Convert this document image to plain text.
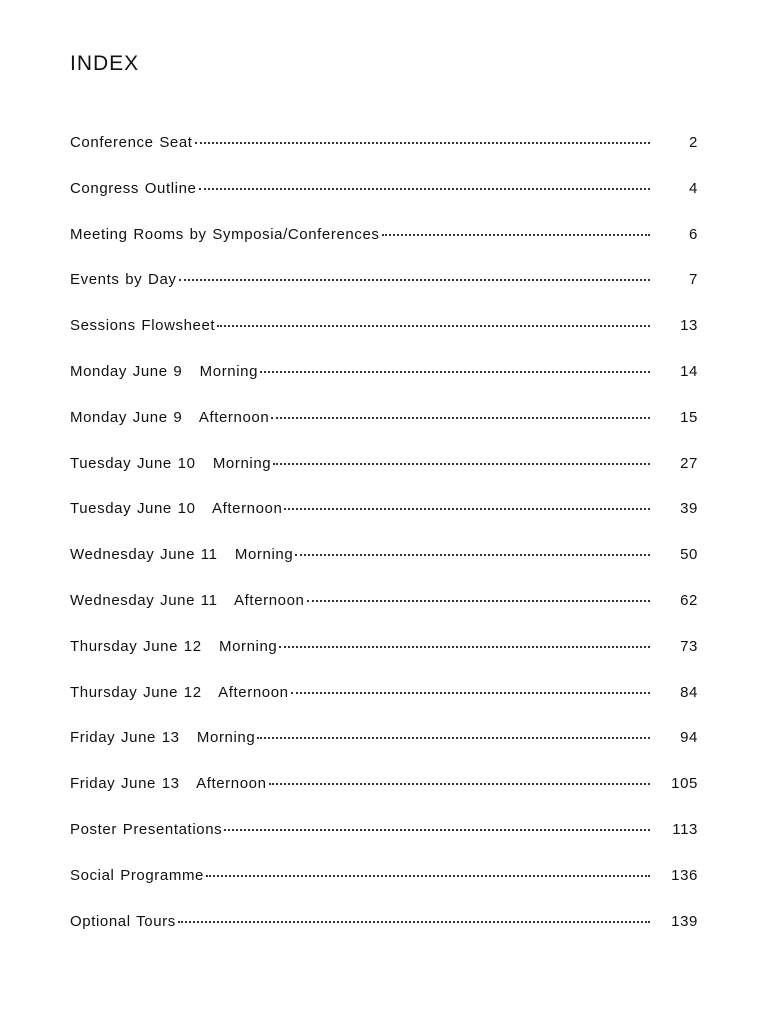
INDEX
Conference Seat	2
Congress Outline	4
Meeting Rooms by Symposia/Conferences	6
Events by Day	7
Sessions Flowsheet	13
Monday June 9   Morning	14
Monday June 9   Afternoon	15
Tuesday June 10   Morning	27
Tuesday June 10   Afternoon	39
Wednesday June 11   Morning	50
Wednesday June 11   Afternoon	62
Thursday June 12   Morning	73
Thursday June 12   Afternoon	84
Friday June 13   Morning	94
Friday June 13   Afternoon	105
Poster Presentations	113
Social Programme	136
Optional Tours	139
